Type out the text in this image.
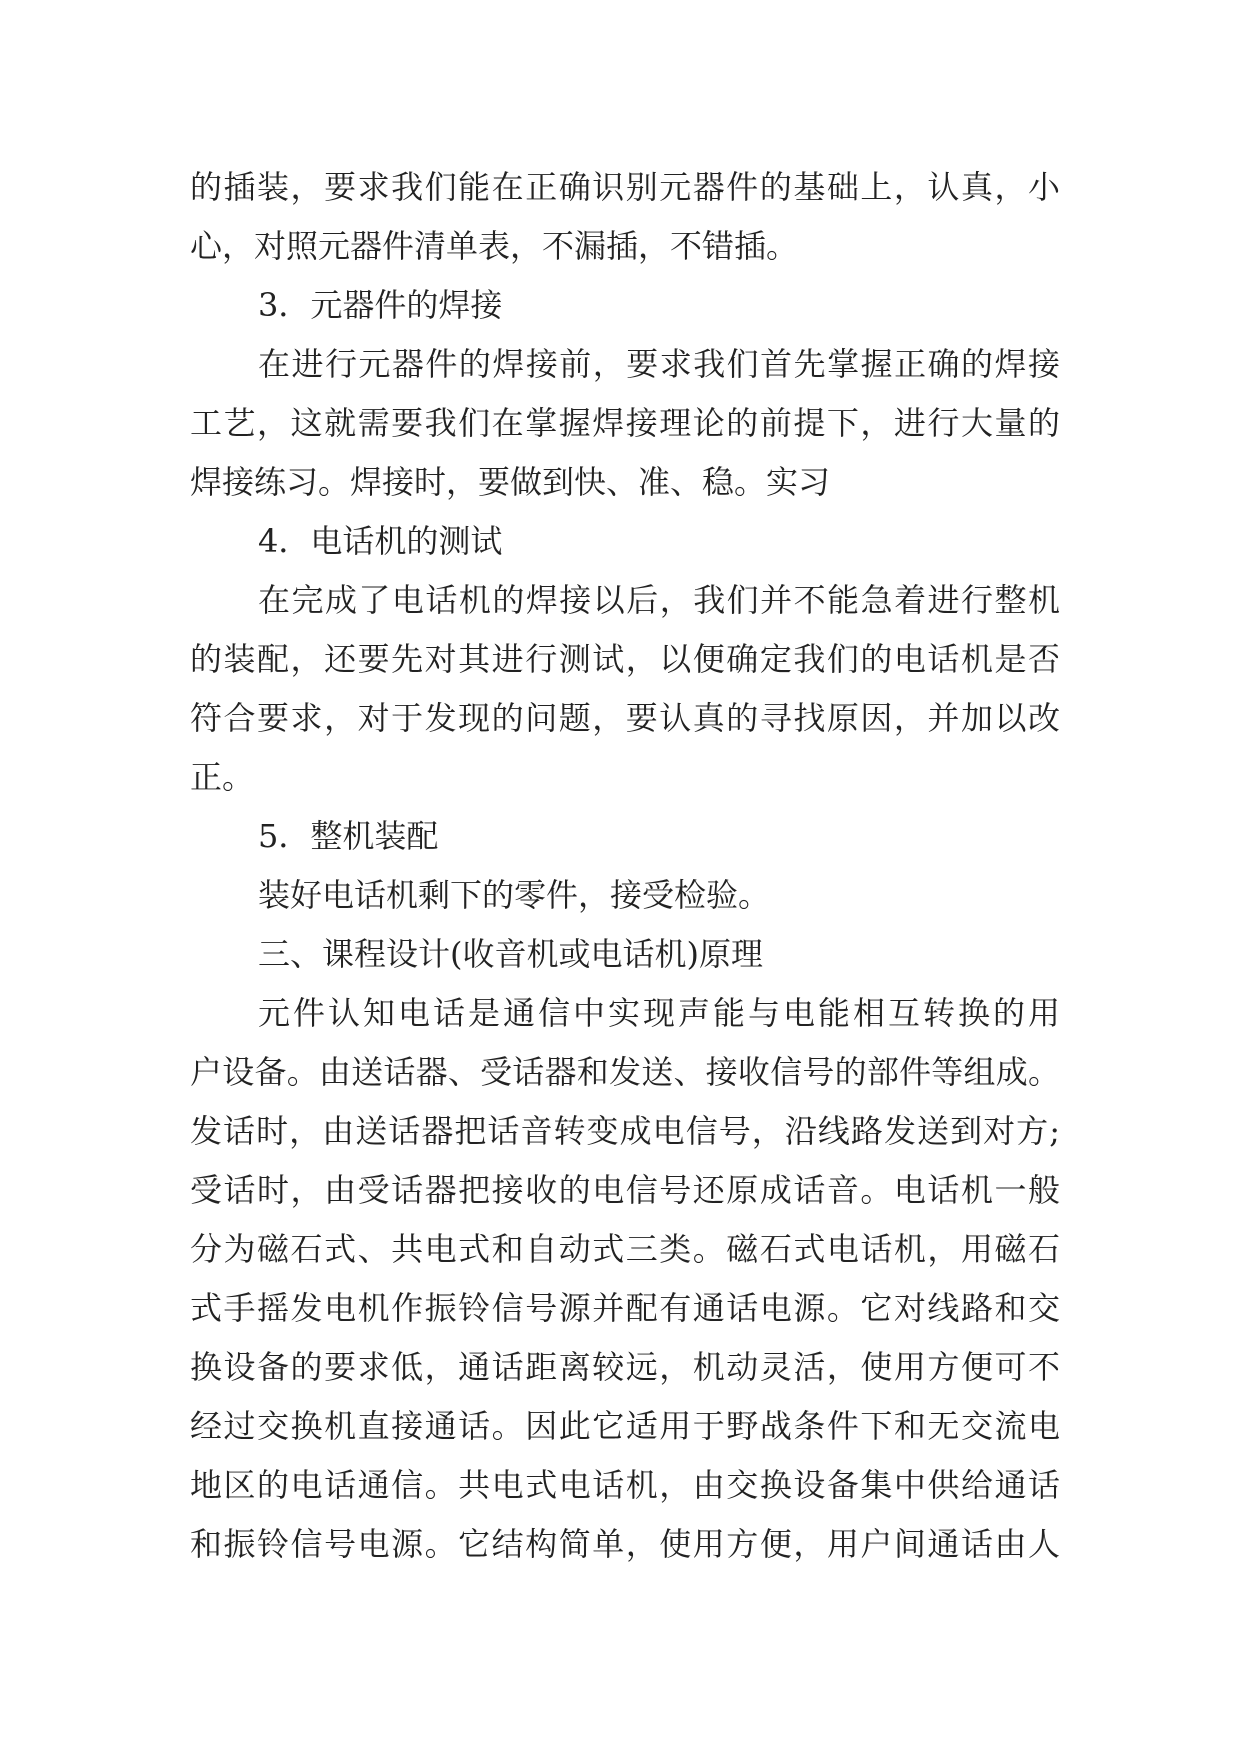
的插装，要求我们能在正确识别元器件的基础上，认真，小
心，对照元器件清单表，不漏插，不错插。
3．元器件的焊接
在进行元器件的焊接前，要求我们首先掌握正确的焊接
工艺，这就需要我们在掌握焊接理论的前提下，进行大量的
焊接练习。焊接时，要做到快、准、稳。实习
4．电话机的测试
在完成了电话机的焊接以后，我们并不能急着进行整机
的装配，还要先对其进行测试，以便确定我们的电话机是否
符合要求，对于发现的问题，要认真的寻找原因，并加以改
正。
5．整机装配
装好电话机剩下的零件，接受检验。
三、课程设计(收音机或电话机)原理
元件认知电话是通信中实现声能与电能相互转换的用
户设备。由送话器、受话器和发送、接收信号的部件等组成。
发话时，由送话器把话音转变成电信号，沿线路发送到对方;
受话时，由受话器把接收的电信号还原成话音。电话机一般
分为磁石式、共电式和自动式三类。磁石式电话机，用磁石
式手摇发电机作振铃信号源并配有通话电源。它对线路和交
换设备的要求低，通话距离较远，机动灵活，使用方便可不
经过交换机直接通话。因此它适用于野战条件下和无交流电
地区的电话通信。共电式电话机，由交换设备集中供给通话
和振铃信号电源。它结构简单，使用方便，用户间通话由人
